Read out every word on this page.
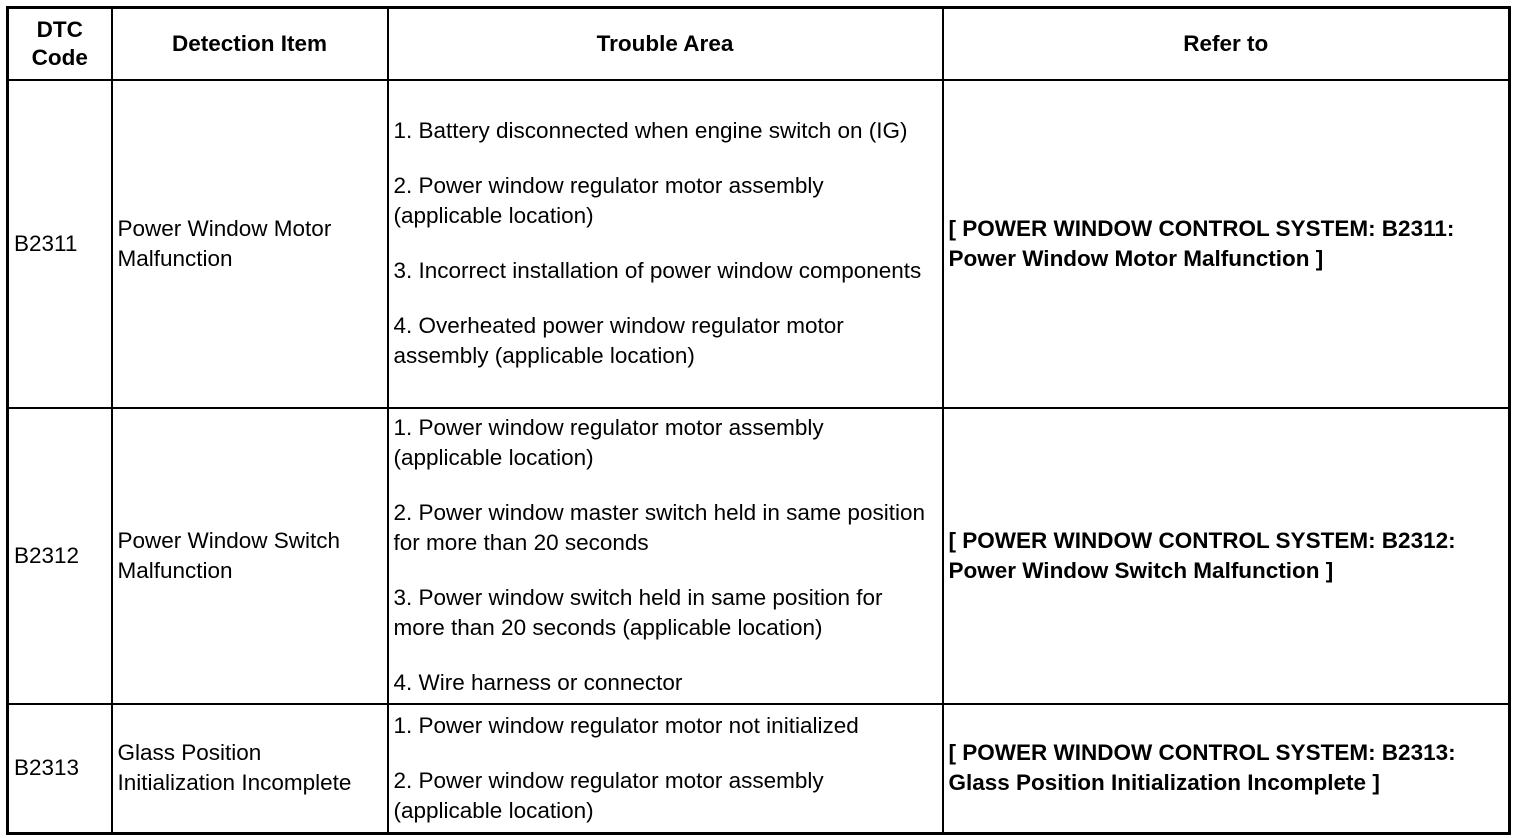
DTC Code	Detection Item	Trouble Area	Refer to
B2311	Power Window Motor Malfunction	1. Battery disconnected when engine switch on (IG)
2. Power window regulator motor assembly (applicable location)
3. Incorrect installation of power window components
4. Overheated power window regulator motor assembly (applicable location)	[ POWER WINDOW CONTROL SYSTEM: B2311: Power Window Motor Malfunction ]
B2312	Power Window Switch Malfunction	1. Power window regulator motor assembly (applicable location)
2. Power window master switch held in same position for more than 20 seconds
3. Power window switch held in same position for more than 20 seconds (applicable location)
4. Wire harness or connector	[ POWER WINDOW CONTROL SYSTEM: B2312: Power Window Switch Malfunction ]
B2313	Glass Position Initialization Incomplete	1. Power window regulator motor not initialized
2. Power window regulator motor assembly (applicable location)	[ POWER WINDOW CONTROL SYSTEM: B2313: Glass Position Initialization Incomplete ]
